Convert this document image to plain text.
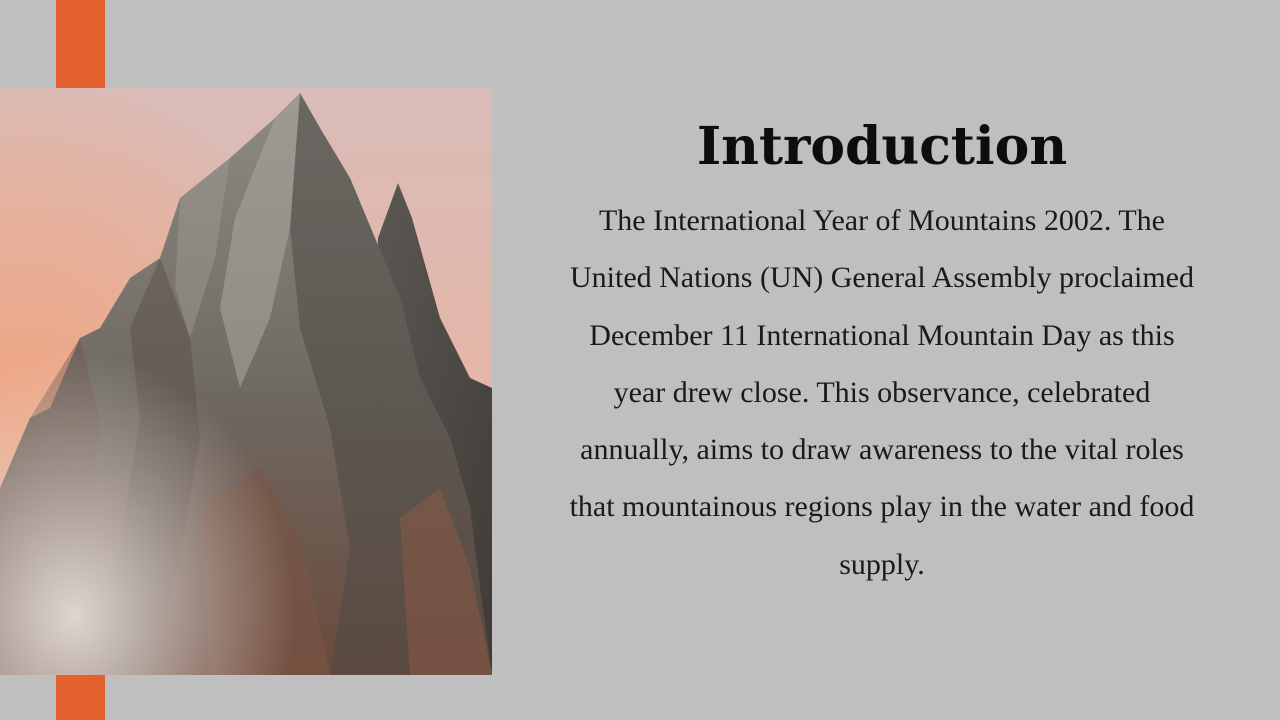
Introduction
The International Year of Mountains 2002. The United Nations (UN) General Assembly proclaimed December 11 International Mountain Day as this year drew close. This observance, celebrated annually, aims to draw awareness to the vital roles that mountainous regions play in the water and food supply.
